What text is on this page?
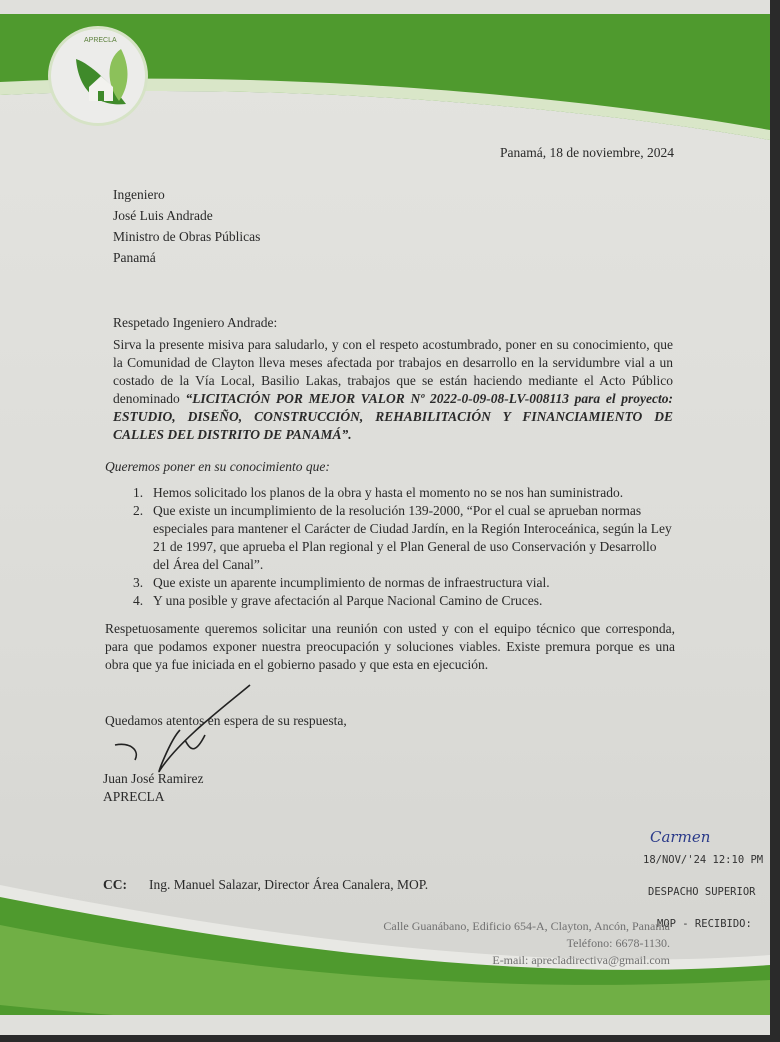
APRECLA
Panamá, 18 de noviembre, 2024
Ingeniero
José Luis Andrade
Ministro de Obras Públicas
Panamá
Respetado Ingeniero Andrade:
Sirva la presente misiva para saludarlo, y con el respeto acostumbrado, poner en su conocimiento, que la Comunidad de Clayton lleva meses afectada por trabajos en desarrollo en la servidumbre vial a un costado de la Vía Local, Basilio Lakas, trabajos que se están haciendo mediante el Acto Público denominado “LICITACIÓN POR MEJOR VALOR Nº 2022-0-09-08-LV-008113 para el proyecto: ESTUDIO, DISEÑO, CONSTRUCCIÓN, REHABILITACIÓN Y FINANCIAMIENTO DE CALLES DEL DISTRITO DE PANAMÁ”.
Queremos poner en su conocimiento que:
1. Hemos solicitado los planos de la obra y hasta el momento no se nos han suministrado.
2. Que existe un incumplimiento de la resolución 139-2000, “Por el cual se aprueban normas especiales para mantener el Carácter de Ciudad Jardín, en la Región Interoceánica, según la Ley 21 de 1997, que aprueba el Plan regional y el Plan General de uso Conservación y Desarrollo del Área del Canal”.
3. Que existe un aparente incumplimiento de normas de infraestructura vial.
4. Y una posible y grave afectación al Parque Nacional Camino de Cruces.
Respetuosamente queremos solicitar una reunión con usted y con el equipo técnico que corresponda, para que podamos exponer nuestra preocupación y soluciones viables. Existe premura porque es una obra que ya fue iniciada en el gobierno pasado y que esta en ejecución.
Quedamos atentos en espera de su respuesta,
Juan José Ramirez
APRECLA
CC: Ing. Manuel Salazar, Director Área Canalera, MOP.
Carmen
18/NOV/'24 12:10 PM
DESPACHO SUPERIOR
MOP - RECIBIDO:
Calle Guanábano, Edificio 654-A, Clayton, Ancón, Panamá
Teléfono: 6678-1130.
E-mail: aprecladirectiva@gmail.com
